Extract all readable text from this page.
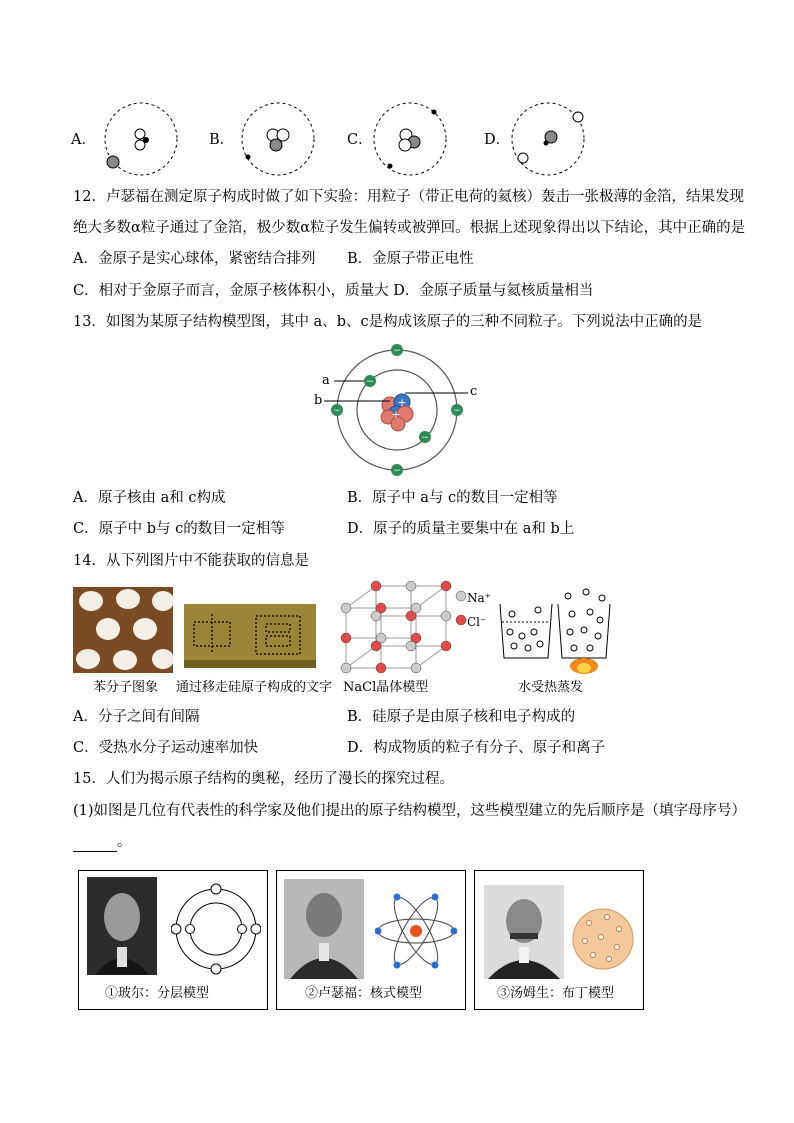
A．	B．	C．	D．
12．卢瑟福在测定原子构成时做了如下实验：用粒子（带正电荷的氦核）轰击一张极薄的金箔，结果发现
绝大多数α粒子通过了金箔，极少数α粒子发生偏转或被弹回。根据上述现象得出以下结论，其中正确的是
A．金原子是实心球体，紧密结合排列 B．金原子带正电性
C．相对于金原子而言，金原子核体积小，质量大 D．金原子质量与氦核质量相当
13．如图为某原子结构模型图，其中 a、b、c是构成该原子的三种不同粒子。下列说法中正确的是
+
+
−
−
−	−
−
−
a
b
c
A．原子核由 a和 c构成	B．原子中 a与 c的数目一定相等
C．原子中 b与 c的数目一定相等	D．原子的质量主要集中在 a和 b上
14．从下列图片中不能获取的信息是
苯分子图象 通过移走硅原子构成的文字
Na⁺
Cl⁻
NaCl晶体模型	水受热蒸发
A．分子之间有间隔	B．硅原子是由原子核和电子构成的
C．受热水分子运动速率加快	D．构成物质的粒子有分子、原子和离子
15．人们为揭示原子结构的奥秘，经历了漫长的探究过程。
(1)如图是几位有代表性的科学家及他们提出的原子结构模型，这些模型建立的先后顺序是（填字母序号）
。
①玻尔：分层模型	②卢瑟福：核式模型	③汤姆生：布丁模型
